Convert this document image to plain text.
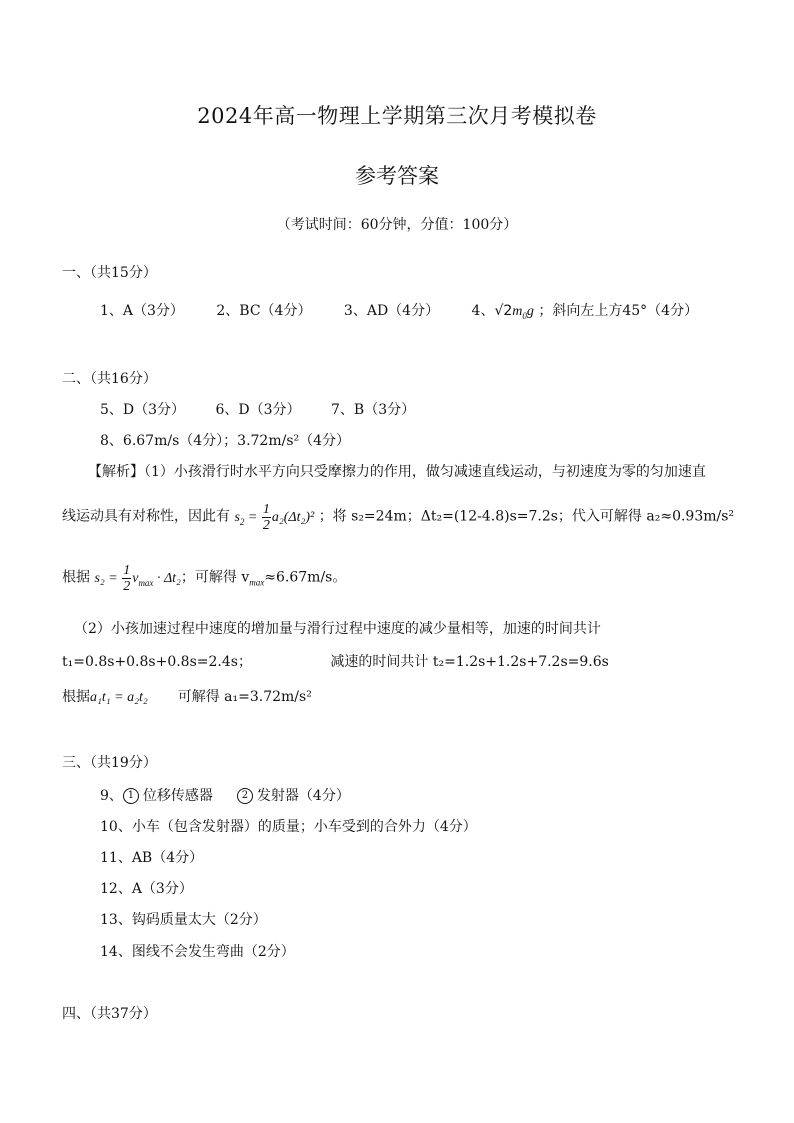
2024年高一物理上学期第三次月考模拟卷
参考答案
（考试时间：60分钟，分值：100分）
一、（共15分）
1、A（3分） 2、BC（4分） 3、AD（4分） 4、$√2m_0g$ ；斜向左上方45°（4分）
二、（共16分）
5、D（3分） 6、D（3分） 7、B（3分）
8、6.67m/s（4分）；3.72m/s²（4分）
【解析】（1）小孩滑行时水平方向只受摩擦力的作用，做匀减速直线运动，与初速度为零的匀加速直
线运动具有对称性，因此有 $s_2 = \frac{1}{2} a_2(\Delta t_2)^2$ ；将 s₂=24m；Δt₂=(12-4.8)s=7.2s；代入可解得 a₂≈0.93m/s²
根据 $s_2 = \frac{1}{2} v_{max} \cdot \Delta t_2$；可解得 $v_{max}\approx 6.67m/s$。
（2）小孩加速过程中速度的增加量与滑行过程中速度的减少量相等，加速的时间共计
t₁=0.8s+0.8s+0.8s=2.4s；	减速的时间共计 t₂=1.2s+1.2s+7.2s=9.6s
根据a₁t₁ = a₂t₂ 可解得 a₁=3.72m/s²
三、（共19分）
9、 1 位移传感器	2 发射器（4分）
10、小车（包含发射器）的质量；小车受到的合外力（4分）
11、AB（4分）
12、A（3分）
13、钩码质量太大（2分）
14、图线不会发生弯曲（2分）
四、（共37分）
